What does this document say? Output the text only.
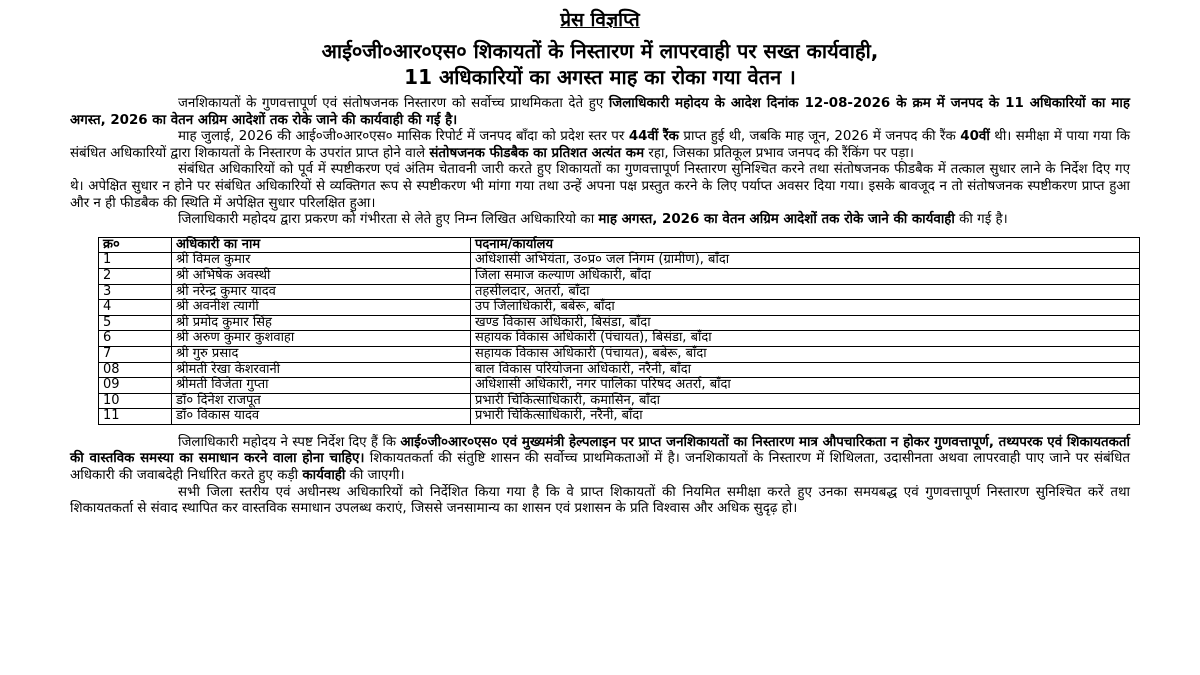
प्रेस विज्ञप्ति
आई०जी०आर०एस० शिकायतों के निस्तारण में लापरवाही पर सख्त कार्यवाही,
11 अधिकारियों का अगस्त माह का रोका गया वेतन ।

जनशिकायतों के गुणवत्तापूर्ण एवं संतोषजनक निस्तारण को सर्वोच्च प्राथमिकता देते हुए जिलाधिकारी महोदय के आदेश दिनांक 12-08-2026 के क्रम में जनपद के 11 अधिकारियों का माह अगस्त, 2026 का वेतन अग्रिम आदेशों तक रोके जाने की कार्यवाही की गई है।

माह जुलाई, 2026 की आई०जी०आर०एस० मासिक रिपोर्ट में जनपद बाँदा को प्रदेश स्तर पर 44वीं रैंक प्राप्त हुई थी, जबकि माह जून, 2026 में जनपद की रैंक 40वीं थी। समीक्षा में पाया गया कि संबंधित अधिकारियों द्वारा शिकायतों के निस्तारण के उपरांत प्राप्त होने वाले संतोषजनक फीडबैक का प्रतिशत अत्यंत कम रहा, जिसका प्रतिकूल प्रभाव जनपद की रैंकिंग पर पड़ा।

संबंधित अधिकारियों को पूर्व में स्पष्टीकरण एवं अंतिम चेतावनी जारी करते हुए शिकायतों का गुणवत्तापूर्ण निस्तारण सुनिश्चित करने तथा संतोषजनक फीडबैक में तत्काल सुधार लाने के निर्देश दिए गए थे। अपेक्षित सुधार न होने पर संबंधित अधिकारियों से व्यक्तिगत रूप से स्पष्टीकरण भी मांगा गया तथा उन्हें अपना पक्ष प्रस्तुत करने के लिए पर्याप्त अवसर दिया गया। इसके बावजूद न तो संतोषजनक स्पष्टीकरण प्राप्त हुआ और न ही फीडबैक की स्थिति में अपेक्षित सुधार परिलक्षित हुआ।

जिलाधिकारी महोदय द्वारा प्रकरण को गंभीरता से लेते हुए निम्न लिखित अधिकारियो का माह अगस्त, 2026 का वेतन अग्रिम आदेशों तक रोके जाने की कार्यवाही की गई है।

क्र०	अधिकारी का नाम	पदनाम/कार्यालय
1	श्री विमल कुमार	अधिशासी अभियंता, उ०प्र० जल निगम (ग्रामीण), बाँदा
2	श्री अभिषेक अवस्थी	जिला समाज कल्याण अधिकारी, बाँदा
3	श्री नरेन्द्र कुमार यादव	तहसीलदार, अतर्रा, बाँदा
4	श्री अवनीश त्यागी	उप जिलाधिकारी, बबेरू, बाँदा
5	श्री प्रमोद कुमार सिंह	खण्ड विकास अधिकारी, बिसंडा, बाँदा
6	श्री अरुण कुमार कुशवाहा	सहायक विकास अधिकारी (पंचायत), बिसंडा, बाँदा
7	श्री गुरु प्रसाद	सहायक विकास अधिकारी (पंचायत), बबेरू, बाँदा
08	श्रीमती रेखा केशरवानी	बाल विकास परियोजना अधिकारी, नरैनी, बाँदा
09	श्रीमती विजेता गुप्ता	अधिशासी अधिकारी, नगर पालिका परिषद अतर्रा, बाँदा
10	डॉ० दिनेश राजपूत	प्रभारी चिकित्साधिकारी, कमासिन, बाँदा
11	डॉ० विकास यादव	प्रभारी चिकित्साधिकारी, नरैनी, बाँदा

जिलाधिकारी महोदय ने स्पष्ट निर्देश दिए हैं कि आई०जी०आर०एस० एवं मुख्यमंत्री हेल्पलाइन पर प्राप्त जनशिकायतों का निस्तारण मात्र औपचारिकता न होकर गुणवत्तापूर्ण, तथ्यपरक एवं शिकायतकर्ता की वास्तविक समस्या का समाधान करने वाला होना चाहिए। शिकायतकर्ता की संतुष्टि शासन की सर्वोच्च प्राथमिकताओं में है। जनशिकायतों के निस्तारण में शिथिलता, उदासीनता अथवा लापरवाही पाए जाने पर संबंधित अधिकारी की जवाबदेही निर्धारित करते हुए कड़ी कार्यवाही की जाएगी।

सभी जिला स्तरीय एवं अधीनस्थ अधिकारियों को निर्देशित किया गया है कि वे प्राप्त शिकायतों की नियमित समीक्षा करते हुए उनका समयबद्ध एवं गुणवत्तापूर्ण निस्तारण सुनिश्चित करें तथा शिकायतकर्ता से संवाद स्थापित कर वास्तविक समाधान उपलब्ध कराएं, जिससे जनसामान्य का शासन एवं प्रशासन के प्रति विश्वास और अधिक सुदृढ़ हो।
